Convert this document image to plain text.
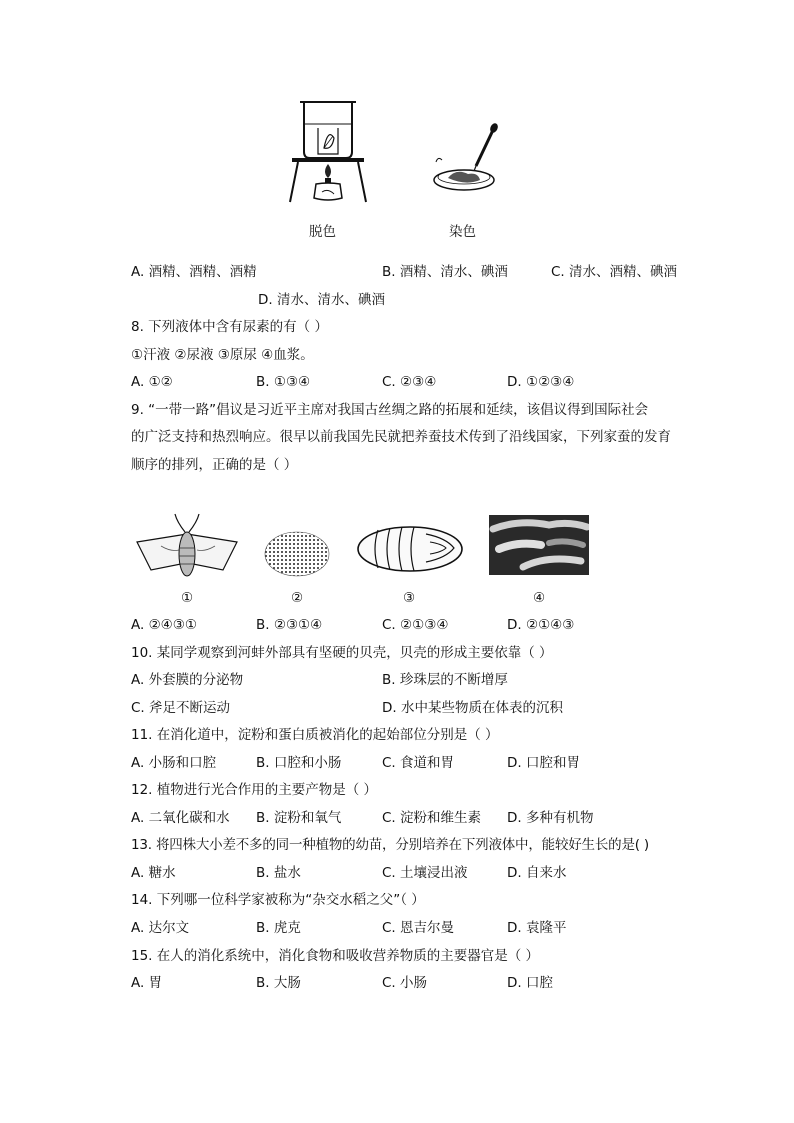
脱色	染色
A. 酒精、酒精、酒精	B. 酒精、清水、碘酒	C. 清水、酒精、碘酒
D. 清水、清水、碘酒
8. 下列液体中含有尿素的有（ ）
①汗液 ②尿液 ③原尿 ④血浆。
A. ①②	B. ①③④	C. ②③④	D. ①②③④
9. “一带一路”倡议是习近平主席对我国古丝绸之路的拓展和延续，该倡议得到国际社会
的广泛支持和热烈响应。很早以前我国先民就把养蚕技术传到了沿线国家，下列家蚕的发育
顺序的排列，正确的是（ ）
①	②	③	④
A. ②④③①	B. ②③①④	C. ②①③④	D. ②①④③
10. 某同学观察到河蚌外部具有坚硬的贝壳，贝壳的形成主要依靠（ ）
A. 外套膜的分泌物	B. 珍珠层的不断增厚
C. 斧足不断运动	D. 水中某些物质在体表的沉积
11. 在消化道中，淀粉和蛋白质被消化的起始部位分别是（ ）
A. 小肠和口腔	B. 口腔和小肠	C. 食道和胃	D. 口腔和胃
12. 植物进行光合作用的主要产物是（ ）
A. 二氧化碳和水 B. 淀粉和氧气	C. 淀粉和维生素 D. 多种有机物
13. 将四株大小差不多的同一种植物的幼苗，分别培养在下列液体中，能较好生长的是( )
A. 糖水	B. 盐水	C. 土壤浸出液	D. 自来水
14. 下列哪一位科学家被称为“杂交水稻之父”（ ）
A. 达尔文	B. 虎克	C. 恩吉尔曼	D. 袁隆平
15. 在人的消化系统中，消化食物和吸收营养物质的主要器官是（ ）
A. 胃	B. 大肠	C. 小肠	D. 口腔
